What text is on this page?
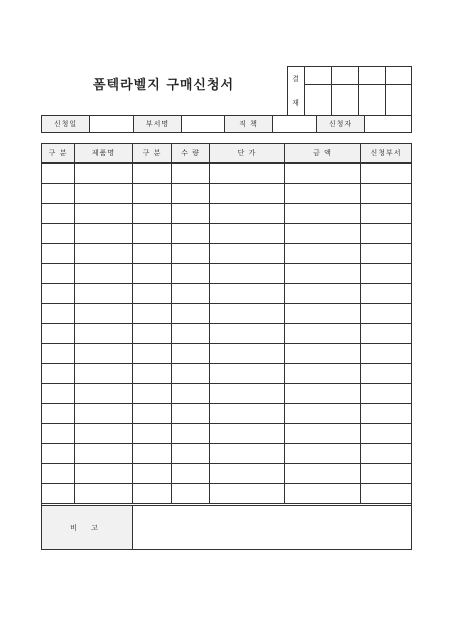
폼텍라벨지 구매신청서	결
재				

신청일		부서명		직 책		신청자	
구 분	제품명	구 분	수 량	단 가	금 액	신청부서

비 고						
